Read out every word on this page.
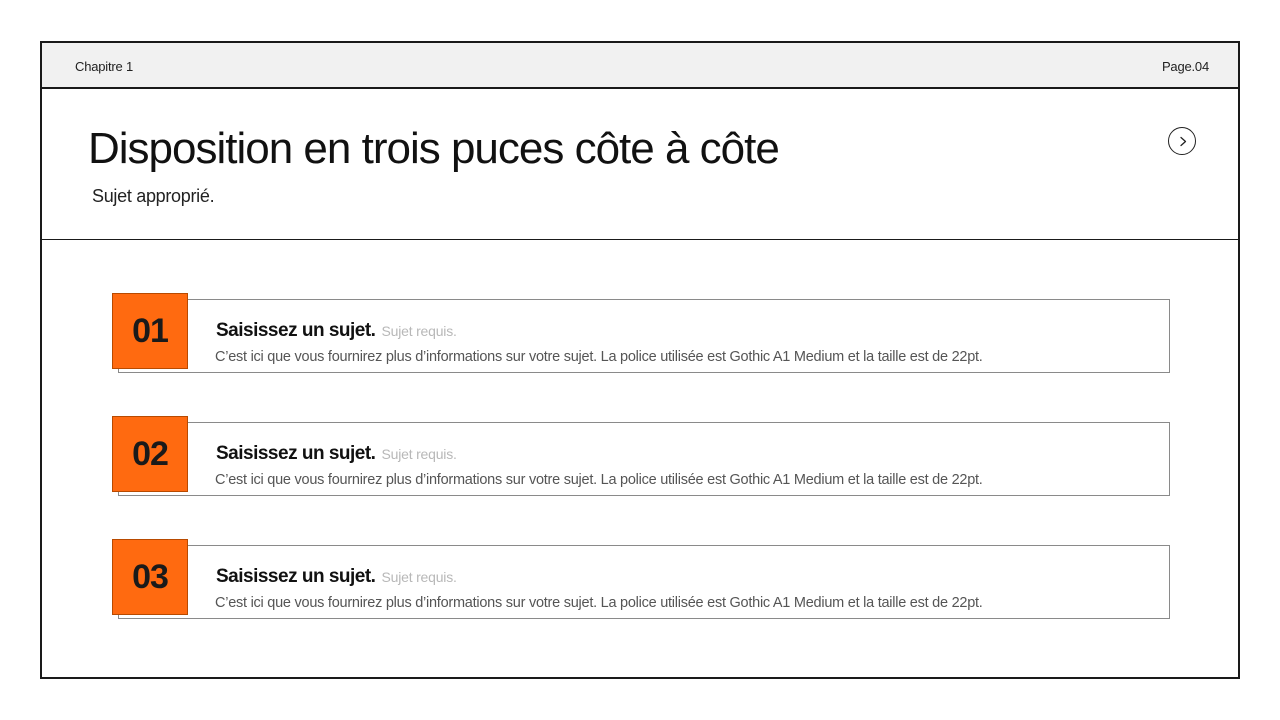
Chapitre 1	Page.04
Disposition en trois puces côte à côte
Sujet approprié.
Saisissez un sujet. Sujet requis.
C’est ici que vous fournirez plus d’informations sur votre sujet. La police utilisée est Gothic A1 Medium et la taille est de 22pt.
01
Saisissez un sujet. Sujet requis.
C’est ici que vous fournirez plus d’informations sur votre sujet. La police utilisée est Gothic A1 Medium et la taille est de 22pt.
02
Saisissez un sujet. Sujet requis.
C’est ici que vous fournirez plus d’informations sur votre sujet. La police utilisée est Gothic A1 Medium et la taille est de 22pt.
03
